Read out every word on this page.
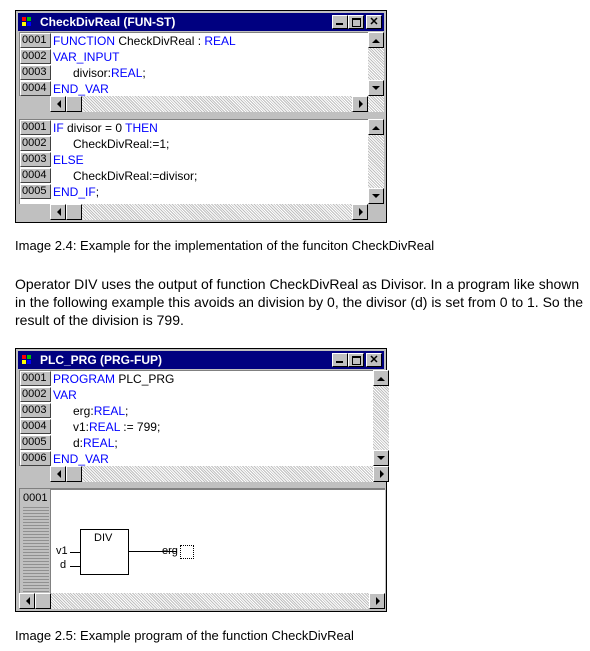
CheckDivReal (FUN-ST)	✕
0001 FUNCTION CheckDivReal : REAL
0002 VAR_INPUT
0003	divisor:REAL;
0004 END_VAR
0001 IF divisor = 0 THEN
0002	CheckDivReal:=1;
0003 ELSE
0004	CheckDivReal:=divisor;
0005 END_IF;
Image 2.4: Example for the implementation of the funciton CheckDivReal
Operator DIV uses the output of function CheckDivReal as Divisor. In a program like shown in the following example this avoids an division by 0, the divisor (d) is set from 0 to 1. So the result of the division is 799.
PLC_PRG (PRG-FUP)	✕
0001 PROGRAM PLC_PRG
0002 VAR
0003	erg:REAL;
0004	v1:REAL := 799;
0005	d:REAL;
0006 END_VAR
0001
v1
d
DIV
erg
Image 2.5: Example program of the function CheckDivReal
